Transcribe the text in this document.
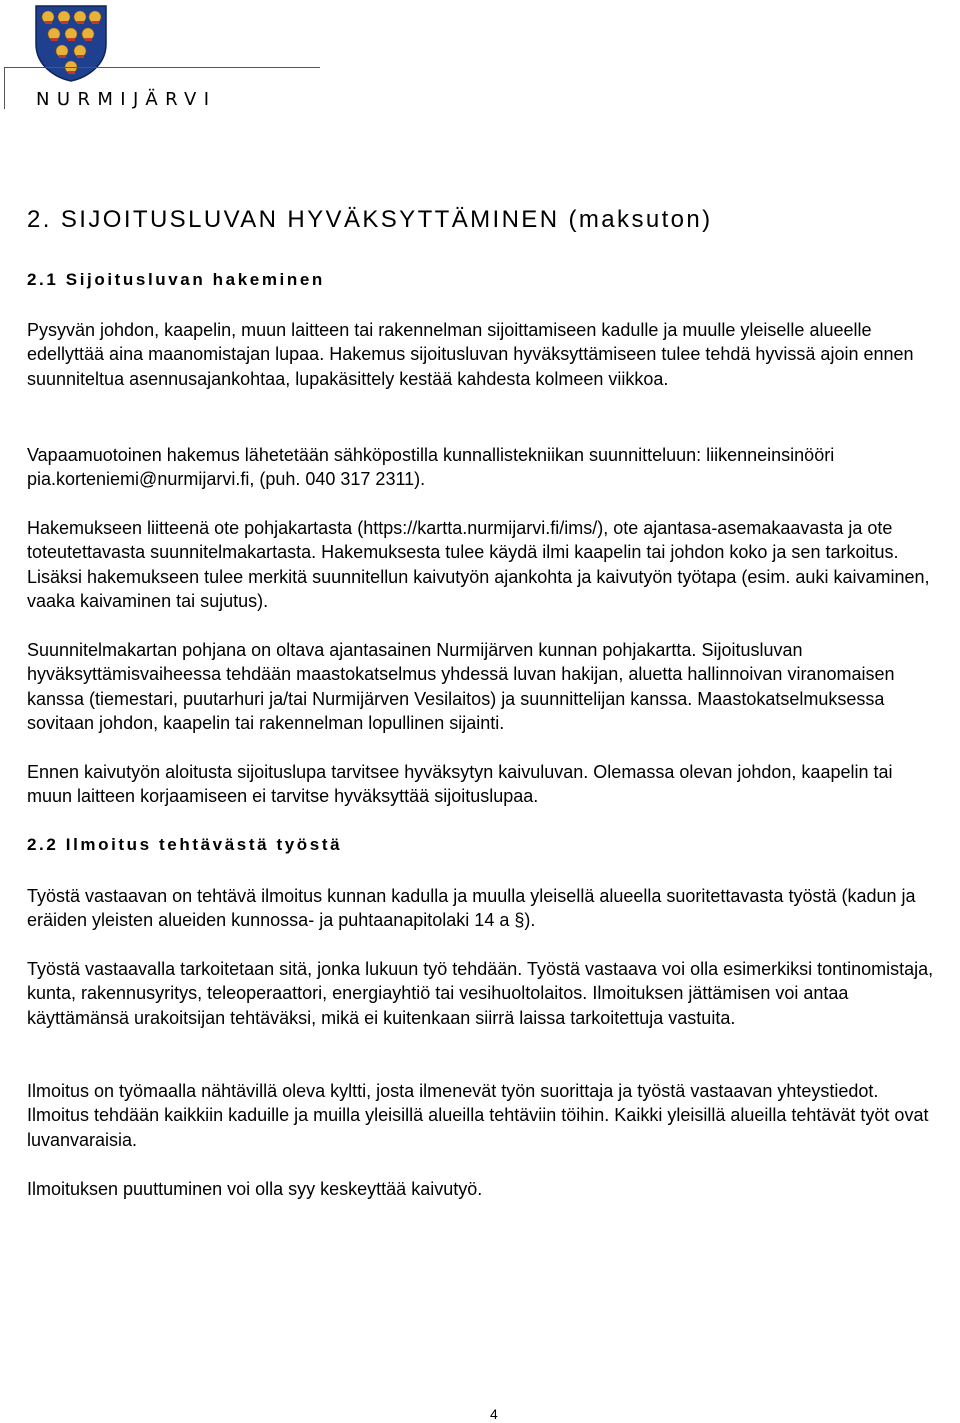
NURMIJÄRVI
2. SIJOITUSLUVAN HYVÄKSYTTÄMINEN (maksuton)
2.1 Sijoitusluvan hakeminen

Pysyvän johdon, kaapelin, muun laitteen tai rakennelman sijoittamiseen kadulle ja muulle yleiselle alueelle edellyttää aina maanomistajan lupaa. Hakemus sijoitusluvan hyväksyttämiseen tulee tehdä hyvissä ajoin ennen suunniteltua asennusajankohtaa, lupakäsittely kestää kahdesta kolmeen viikkoa.

Vapaamuotoinen hakemus lähetetään sähköpostilla kunnallistekniikan suunnitteluun: liikenneinsinööri pia.korteniemi@nurmijarvi.fi, (puh. 040 317 2311).

Hakemukseen liitteenä ote pohjakartasta (https://kartta.nurmijarvi.fi/ims/), ote ajantasa-asemakaavasta ja ote toteutettavasta suunnitelmakartasta. Hakemuksesta tulee käydä ilmi kaapelin tai johdon koko ja sen tarkoitus. Lisäksi hakemukseen tulee merkitä suunnitellun kaivutyön ajankohta ja kaivutyön työtapa (esim. auki kaivaminen, vaaka kaivaminen tai sujutus).

Suunnitelmakartan pohjana on oltava ajantasainen Nurmijärven kunnan pohjakartta. Sijoitusluvan hyväksyttämisvaiheessa tehdään maastokatselmus yhdessä luvan hakijan, aluetta hallinnoivan viranomaisen kanssa (tiemestari, puutarhuri ja/tai Nurmijärven Vesilaitos) ja suunnittelijan kanssa. Maastokatselmuksessa sovitaan johdon, kaapelin tai rakennelman lopullinen sijainti.

Ennen kaivutyön aloitusta sijoituslupa tarvitsee hyväksytyn kaivuluvan. Olemassa olevan johdon, kaapelin tai muun laitteen korjaamiseen ei tarvitse hyväksyttää sijoituslupaa.

2.2 Ilmoitus tehtävästä työstä

Työstä vastaavan on tehtävä ilmoitus kunnan kadulla ja muulla yleisellä alueella suoritettavasta työstä (kadun ja eräiden yleisten alueiden kunnossa- ja puhtaanapitolaki 14 a §).

Työstä vastaavalla tarkoitetaan sitä, jonka lukuun työ tehdään. Työstä vastaava voi olla esimerkiksi tontinomistaja, kunta, rakennusyritys, teleoperaattori, energiayhtiö tai vesihuoltolaitos. Ilmoituksen jättämisen voi antaa käyttämänsä urakoitsijan tehtäväksi, mikä ei kuitenkaan siirrä laissa tarkoitettuja vastuita.

Ilmoitus on työmaalla nähtävillä oleva kyltti, josta ilmenevät työn suorittaja ja työstä vastaavan yhteystiedot. Ilmoitus tehdään kaikkiin kaduille ja muilla yleisillä alueilla tehtäviin töihin. Kaikki yleisillä alueilla tehtävät työt ovat luvanvaraisia.

Ilmoituksen puuttuminen voi olla syy keskeyttää kaivutyö.

4
